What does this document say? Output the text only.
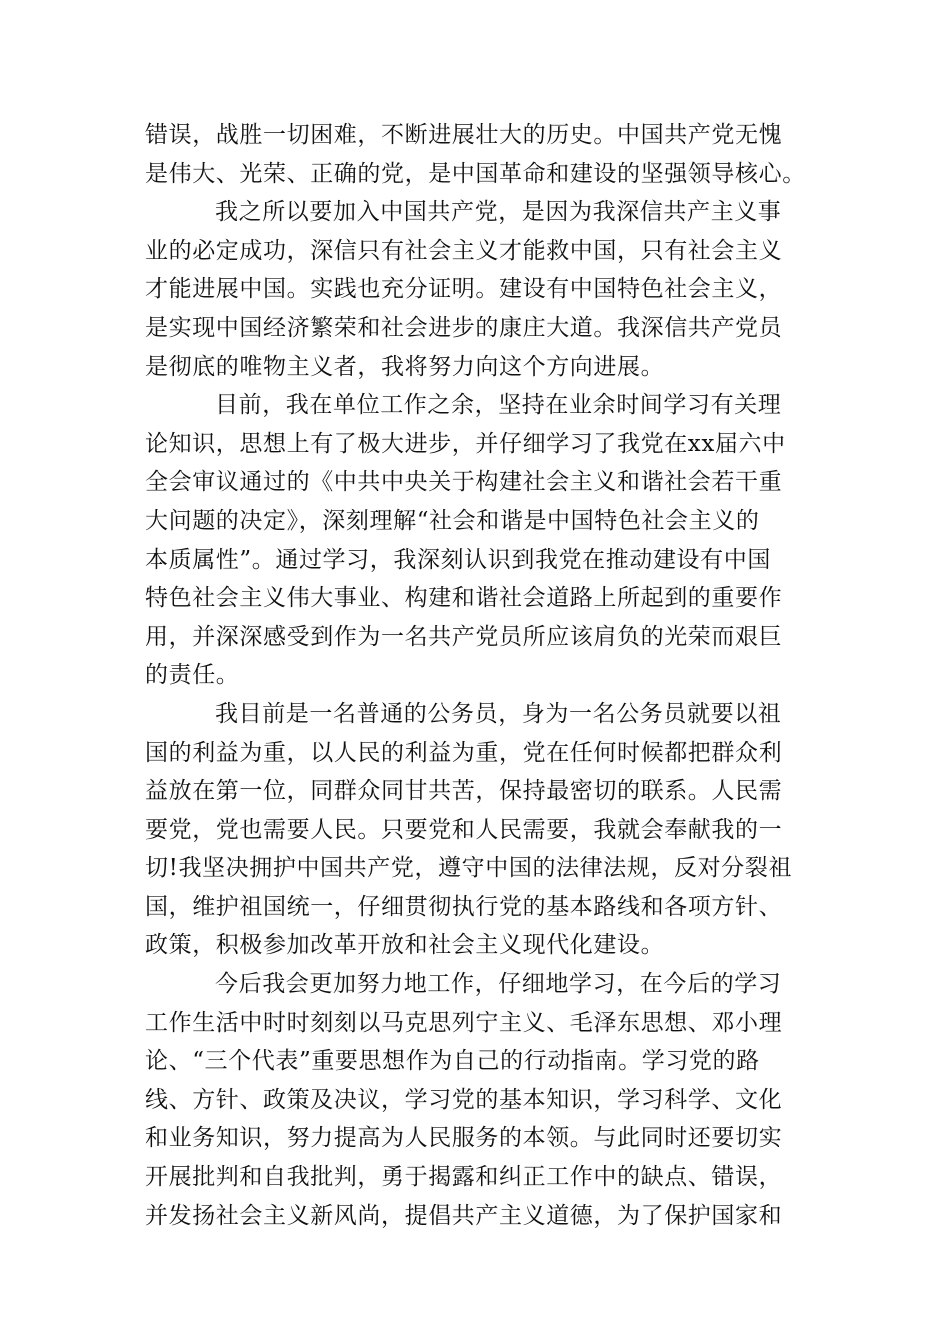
错误，战胜一切困难，不断进展壮大的历史。中国共产党无愧
是伟大、光荣、正确的党，是中国革命和建设的坚强领导核心。
我之所以要加入中国共产党，是因为我深信共产主义事
业的必定成功，深信只有社会主义才能救中国，只有社会主义
才能进展中国。实践也充分证明。建设有中国特色社会主义，
是实现中国经济繁荣和社会进步的康庄大道。我深信共产党员
是彻底的唯物主义者，我将努力向这个方向进展。
目前，我在单位工作之余，坚持在业余时间学习有关理
论知识，思想上有了极大进步，并仔细学习了我党在xx届六中
全会审议通过的《中共中央关于构建社会主义和谐社会若干重
大问题的决定》，深刻理解“社会和谐是中国特色社会主义的
本质属性”。通过学习，我深刻认识到我党在推动建设有中国
特色社会主义伟大事业、构建和谐社会道路上所起到的重要作
用，并深深感受到作为一名共产党员所应该肩负的光荣而艰巨
的责任。
我目前是一名普通的公务员，身为一名公务员就要以祖
国的利益为重，以人民的利益为重，党在任何时候都把群众利
益放在第一位，同群众同甘共苦，保持最密切的联系。人民需
要党，党也需要人民。只要党和人民需要，我就会奉献我的一
切!我坚决拥护中国共产党，遵守中国的法律法规，反对分裂祖
国，维护祖国统一，仔细贯彻执行党的基本路线和各项方针、
政策，积极参加改革开放和社会主义现代化建设。
今后我会更加努力地工作，仔细地学习，在今后的学习
工作生活中时时刻刻以马克思列宁主义、毛泽东思想、邓小理
论、“三个代表”重要思想作为自己的行动指南。学习党的路
线、方针、政策及决议，学习党的基本知识，学习科学、文化
和业务知识，努力提高为人民服务的本领。与此同时还要切实
开展批判和自我批判，勇于揭露和纠正工作中的缺点、错误，
并发扬社会主义新风尚，提倡共产主义道德，为了保护国家和
